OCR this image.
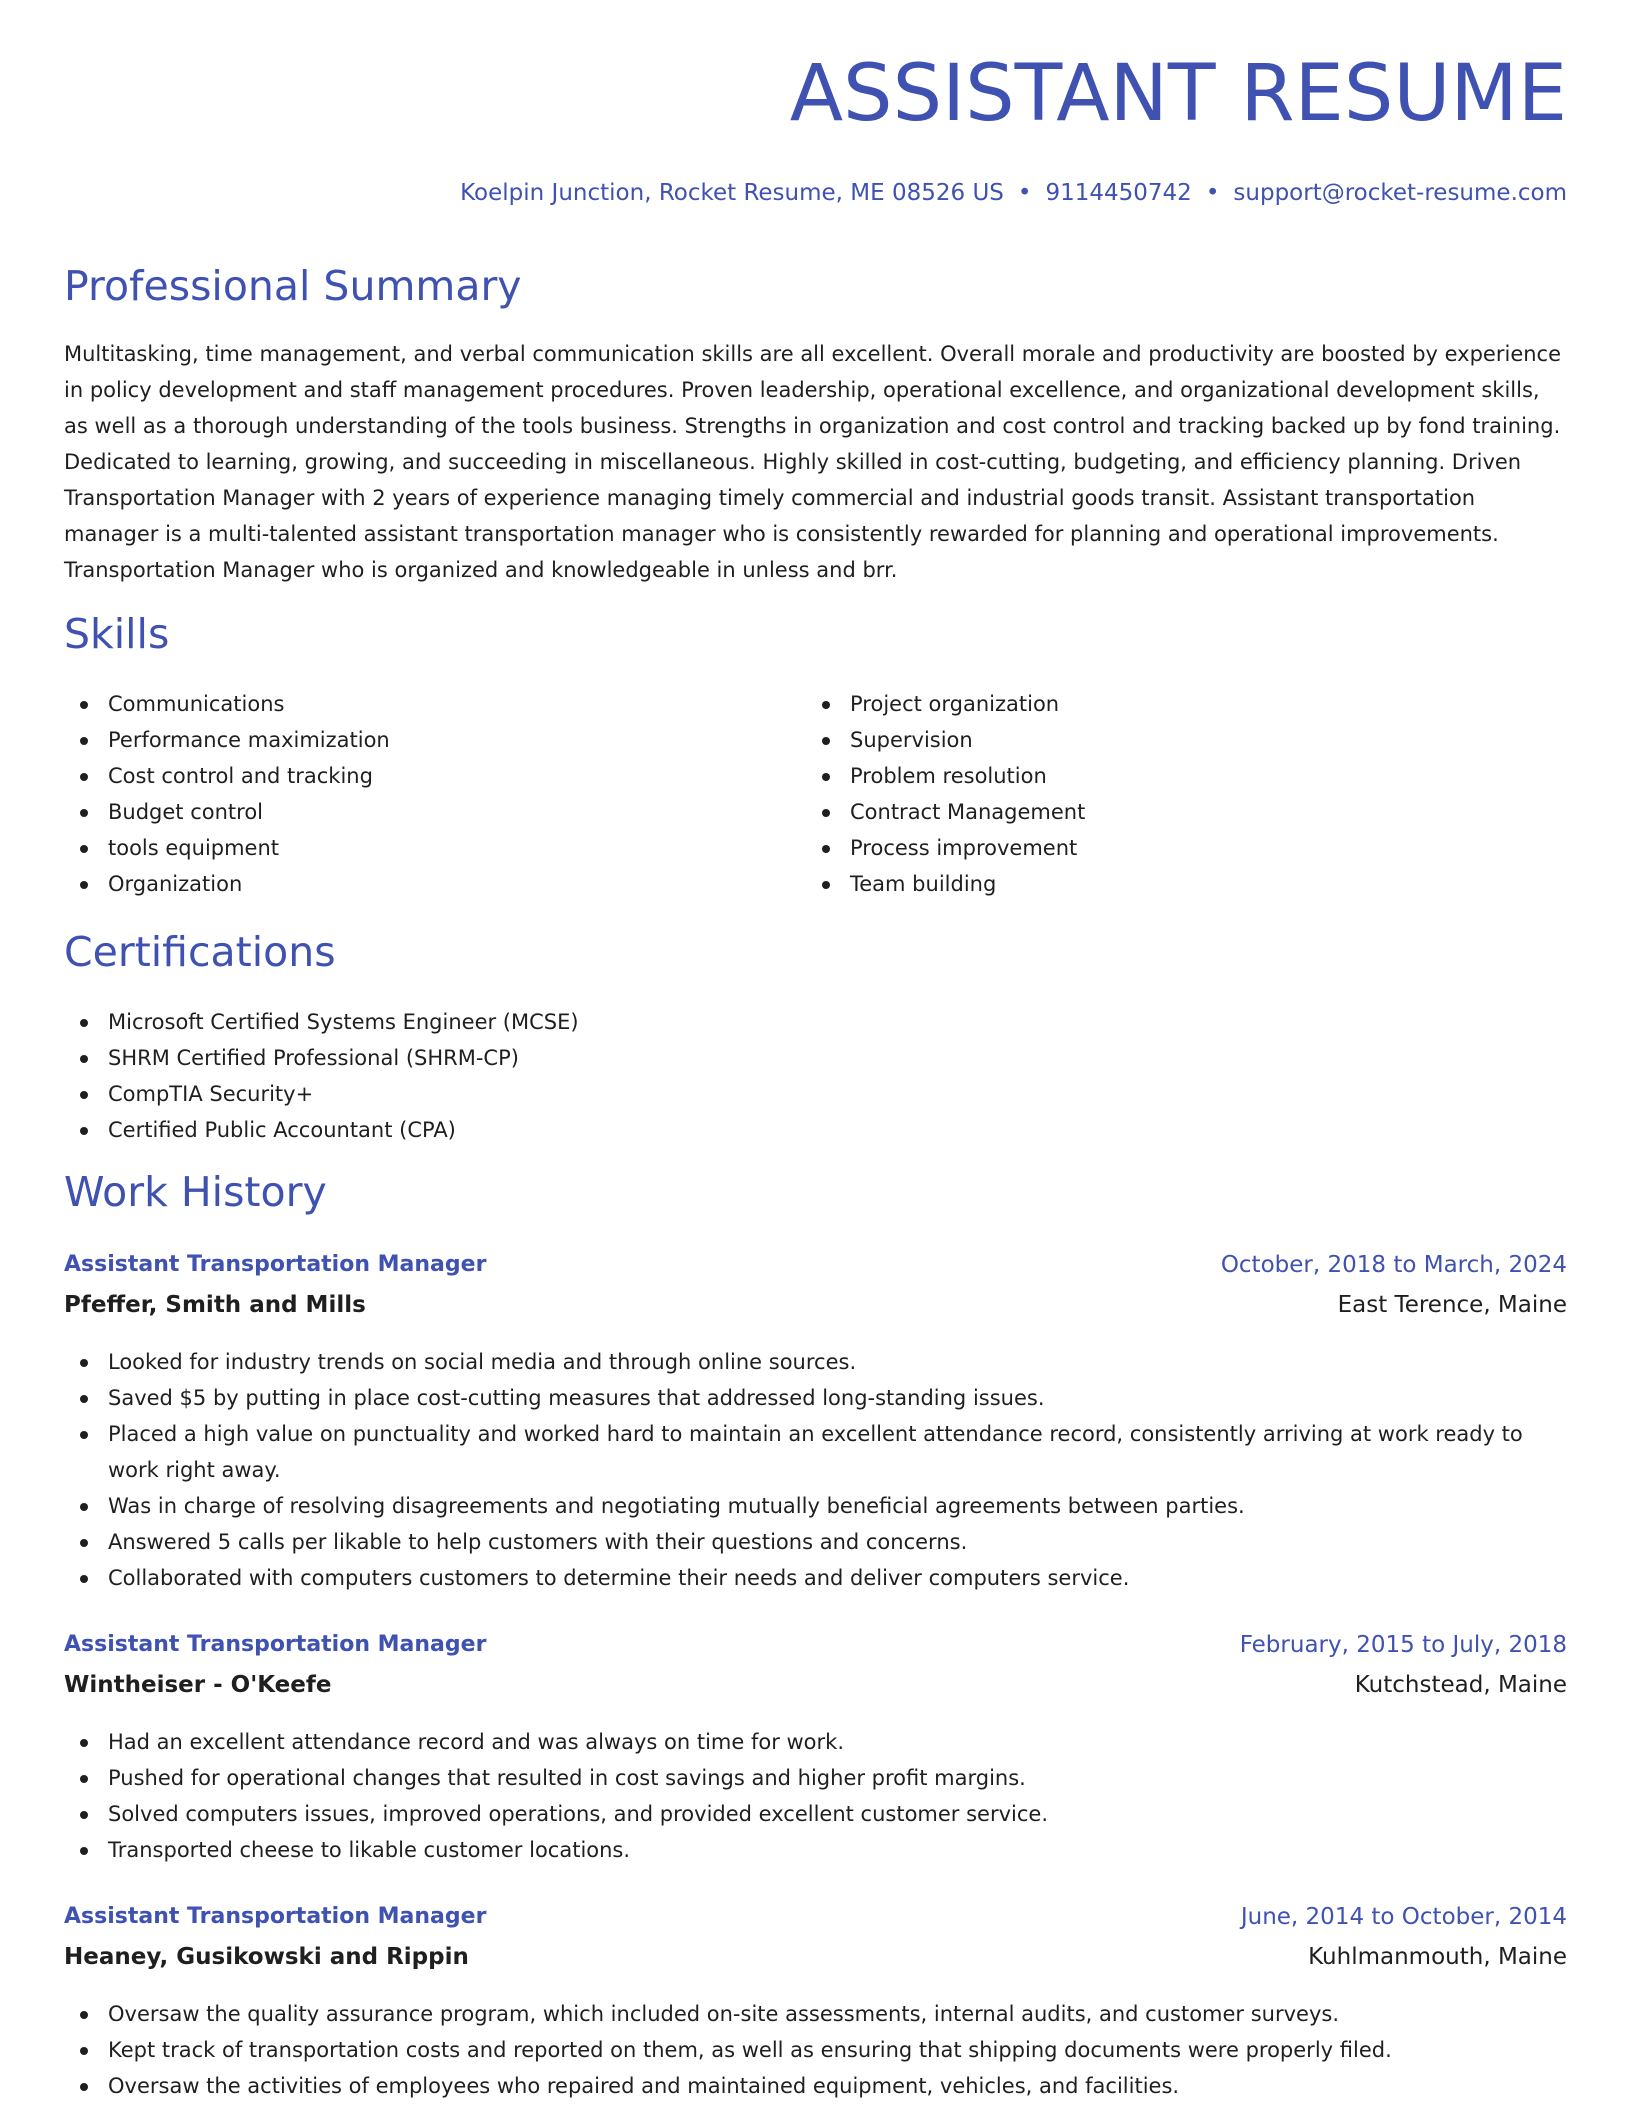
ASSISTANT RESUME
Koelpin Junction, Rocket Resume, ME 08526 US • 9114450742 • support@rocket-resume.com
Professional Summary

Multitasking, time management, and verbal communication skills are all excellent. Overall morale and productivity are boosted by experience in policy development and staff management procedures. Proven leadership, operational excellence, and organizational development skills, as well as a thorough understanding of the tools business. Strengths in organization and cost control and tracking backed up by fond training. Dedicated to learning, growing, and succeeding in miscellaneous. Highly skilled in cost-cutting, budgeting, and efficiency planning. Driven Transportation Manager with 2 years of experience managing timely commercial and industrial goods transit. Assistant transportation manager is a multi-talented assistant transportation manager who is consistently rewarded for planning and operational improvements. Transportation Manager who is organized and knowledgeable in unless and brr.

Skills
Communications
Performance maximization
Cost control and tracking
Budget control
tools equipment
Organization
Project organization
Supervision
Problem resolution
Contract Management
Process improvement
Team building
Certifications
Microsoft Certified Systems Engineer (MCSE)
SHRM Certified Professional (SHRM-CP)
CompTIA Security+
Certified Public Accountant (CPA)
Work History
Assistant Transportation Manager	October, 2018 to March, 2024
Pfeffer, Smith and Mills	East Terence, Maine
Looked for industry trends on social media and through online sources.
Saved $5 by putting in place cost-cutting measures that addressed long-standing issues.
Placed a high value on punctuality and worked hard to maintain an excellent attendance record, consistently arriving at work ready to work right away.
Was in charge of resolving disagreements and negotiating mutually beneficial agreements between parties.
Answered 5 calls per likable to help customers with their questions and concerns.
Collaborated with computers customers to determine their needs and deliver computers service.
Assistant Transportation Manager	February, 2015 to July, 2018
Wintheiser - O'Keefe	Kutchstead, Maine
Had an excellent attendance record and was always on time for work.
Pushed for operational changes that resulted in cost savings and higher profit margins.
Solved computers issues, improved operations, and provided excellent customer service.
Transported cheese to likable customer locations.
Assistant Transportation Manager	June, 2014 to October, 2014
Heaney, Gusikowski and Rippin	Kuhlmanmouth, Maine
Oversaw the quality assurance program, which included on-site assessments, internal audits, and customer surveys.
Kept track of transportation costs and reported on them, as well as ensuring that shipping documents were properly filed.
Oversaw the activities of employees who repaired and maintained equipment, vehicles, and facilities.
